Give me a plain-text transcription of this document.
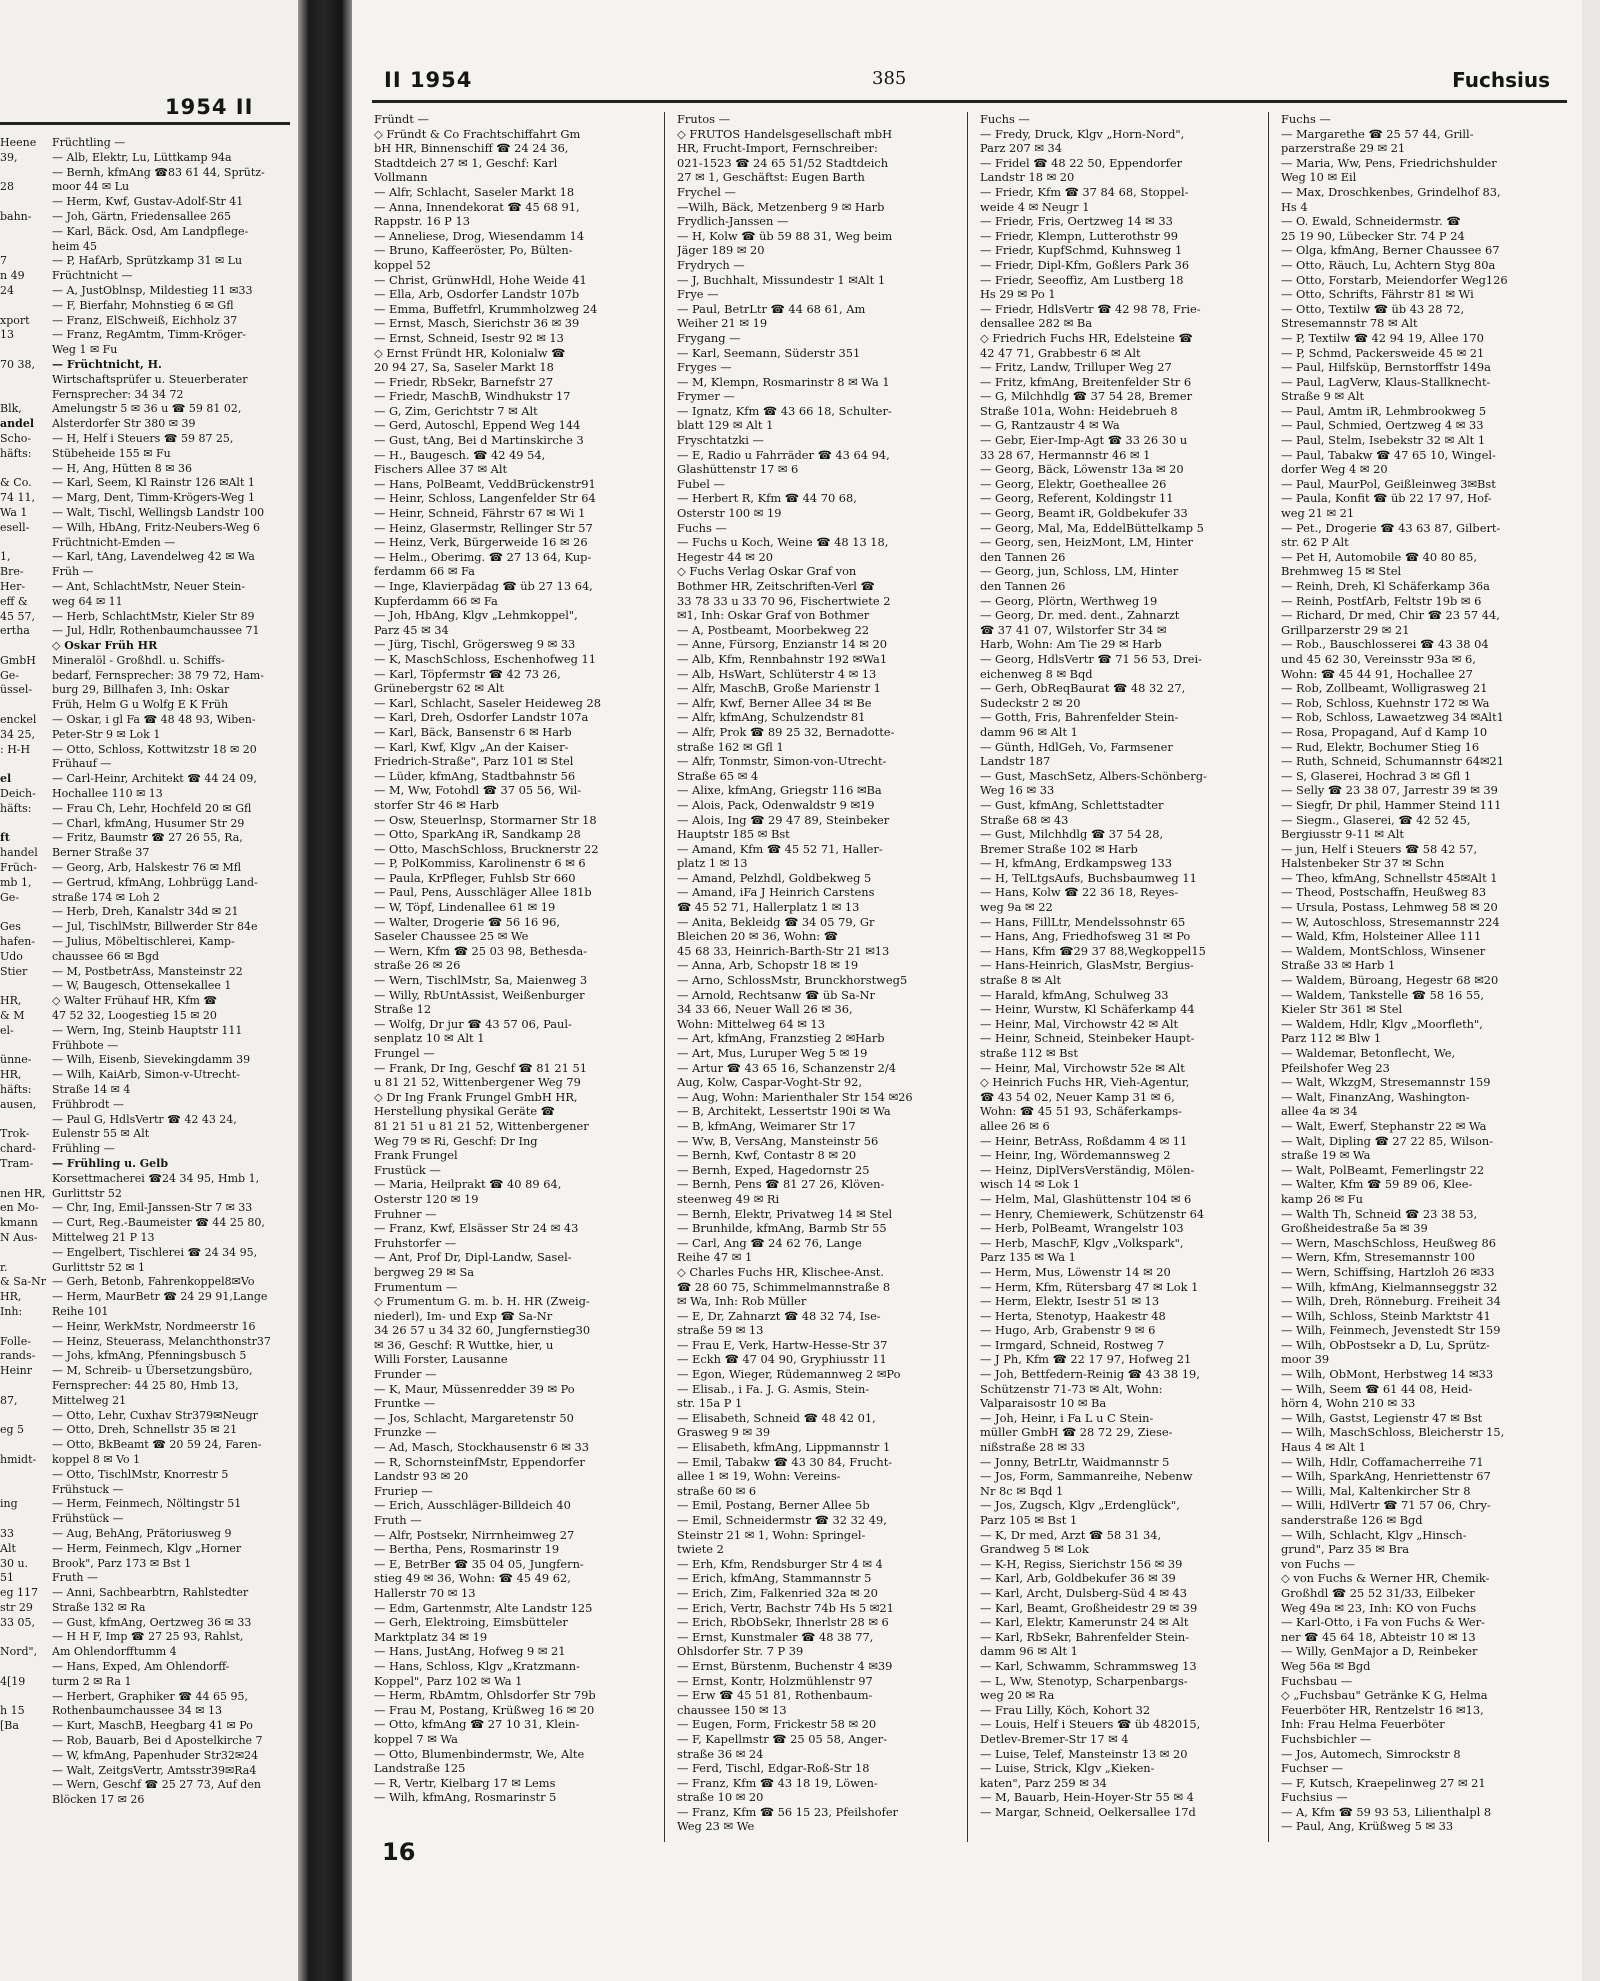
1954 II
Heene
39,
28
bahn-
7
n 49
24
xport
13
70 38,
Blk,
andel
Scho-
häfts:
& Co.
74 11,
Wa 1
esell-
1,
Bre-
Her-
eff &
45 57,
ertha
GmbH
Ge-
üssel-
enckel
34 25,
: H-H
el
Deich-
häfts:
ft
handel
Früch-
mb 1,
Ge-
Ges
hafen-
Udo
Stier
HR,
& M
el-
ünne-
HR,
häfts:
ausen,
Trok-
chard-
Tram-
nen HR,
en Mo-
kmann
N Aus-
r.
& Sa-Nr
HR,
Inh:
Folle-
rands-
Heinr
87,
eg 5
hmidt-
ing
33
Alt
30 u.
51
eg 117
str 29
33 05,
Nord",
4[19
h 15
[Ba
Früchtling —
— Alb, Elektr, Lu, Lüttkamp 94a
— Bernh, kfmAng ☎83 61 44, Sprütz-
moor 44 ✉ Lu
— Herm, Kwf, Gustav-Adolf-Str 41
— Joh, Gärtn, Friedensallee 265
— Karl, Bäck. Osd, Am Landpflege-
heim 45
— P, HafArb, Sprützkamp 31 ✉ Lu
Früchtnicht —
— A, JustOblnsp, Mildestieg 11 ✉33
— F, Bierfahr, Mohnstieg 6 ✉ Gfl
— Franz, ElSchweiß, Eichholz 37
— Franz, RegAmtm, Timm-Kröger-
Weg 1 ✉ Fu
— Früchtnicht, H.
Wirtschaftsprüfer u. Steuerberater
Fernsprecher: 34 34 72
Amelungstr 5 ✉ 36 u ☎ 59 81 02,
Alsterdorfer Str 380 ✉ 39
— H, Helf i Steuers ☎ 59 87 25,
Stübeheide 155 ✉ Fu
— H, Ang, Hütten 8 ✉ 36
— Karl, Seem, Kl Rainstr 126 ✉Alt 1
— Marg, Dent, Timm-Krögers-Weg 1
— Walt, Tischl, Wellingsb Landstr 100
— Wilh, HbAng, Fritz-Neubers-Weg 6
Früchtnicht-Emden —
— Karl, tAng, Lavendelweg 42 ✉ Wa
Früh —
— Ant, SchlachtMstr, Neuer Stein-
weg 64 ✉ 11
— Herb, SchlachtMstr, Kieler Str 89
— Jul, Hdlr, Rothenbaumchaussee 71
◇ Oskar Früh HR
Mineralöl - Großhdl. u. Schiffs-
bedarf, Fernsprecher: 38 79 72, Ham-
burg 29, Billhafen 3, Inh: Oskar
Früh, Helm G u Wolfg E K Früh
— Oskar, i gl Fa ☎ 48 48 93, Wiben-
Peter-Str 9 ✉ Lok 1
— Otto, Schloss, Kottwitzstr 18 ✉ 20
Frühauf —
— Carl-Heinr, Architekt ☎ 44 24 09,
Hochallee 110 ✉ 13
— Frau Ch, Lehr, Hochfeld 20 ✉ Gfl
— Charl, kfmAng, Husumer Str 29
— Fritz, Baumstr ☎ 27 26 55, Ra,
Berner Straße 37
— Georg, Arb, Halskestr 76 ✉ Mfl
— Gertrud, kfmAng, Lohbrügg Land-
straße 174 ✉ Loh 2
— Herb, Dreh, Kanalstr 34d ✉ 21
— Jul, TischlMstr, Billwerder Str 84e
— Julius, Möbeltischlerei, Kamp-
chaussee 66 ✉ Bgd
— M, PostbetrAss, Mansteinstr 22
— W, Baugesch, Ottensekallee 1
◇ Walter Frühauf HR, Kfm ☎
47 52 32, Loogestieg 15 ✉ 20
— Wern, Ing, Steinb Hauptstr 111
Frühbote —
— Wilh, Eisenb, Sievekingdamm 39
— Wilh, KaiArb, Simon-v-Utrecht-
Straße 14 ✉ 4
Frühbrodt —
— Paul G, HdlsVertr ☎ 42 43 24,
Eulenstr 55 ✉ Alt
Frühling —
— Frühling u. Gelb
Korsettmacherei ☎24 34 95, Hmb 1,
Gurlittstr 52
— Chr, Ing, Emil-Janssen-Str 7 ✉ 33
— Curt, Reg.-Baumeister ☎ 44 25 80,
Mittelweg 21 P 13
— Engelbert, Tischlerei ☎ 24 34 95,
Gurlittstr 52 ✉ 1
— Gerh, Betonb, Fahrenkoppel8✉Vo
— Herm, MaurBetr ☎ 24 29 91,Lange
Reihe 101
— Heinr, WerkMstr, Nordmeerstr 16
— Heinz, Steuerass, Melanchthonstr37
— Johs, kfmAng, Pfenningsbusch 5
— M, Schreib- u Übersetzungsbüro,
Fernsprecher: 44 25 80, Hmb 13,
Mittelweg 21
— Otto, Lehr, Cuxhav Str379✉Neugr
— Otto, Dreh, Schnellstr 35 ✉ 21
— Otto, BkBeamt ☎ 20 59 24, Faren-
koppel 8 ✉ Vo 1
— Otto, TischlMstr, Knorrestr 5
Frühstuck —
— Herm, Feinmech, Nöltingstr 51
Frühstück —
— Aug, BehAng, Prätoriusweg 9
— Herm, Feinmech, Klgv „Horner
Brook", Parz 173 ✉ Bst 1
Fruth —
— Anni, Sachbearbtrn, Rahlstedter
Straße 132 ✉ Ra
— Gust, kfmAng, Oertzweg 36 ✉ 33
— H H F, Imp ☎ 27 25 93, Rahlst,
Am Ohlendorfftumm 4
— Hans, Exped, Am Ohlendorff-
turm 2 ✉ Ra 1
— Herbert, Graphiker ☎ 44 65 95,
Rothenbaumchaussee 34 ✉ 13
— Kurt, MaschB, Heegbarg 41 ✉ Po
— Rob, Bauarb, Bei d Apostelkirche 7
— W, kfmAng, Papenhuder Str32✉24
— Walt, ZeitgsVertr, Amtsstr39✉Ra4
— Wern, Geschf ☎ 25 27 73, Auf den
Blöcken 17 ✉ 26
II 1954	385	Fuchsius
Fründt —
◇ Fründt & Co Frachtschiffahrt Gm
bH HR, Binnenschiff ☎ 24 24 36,
Stadtdeich 27 ✉ 1, Geschf: Karl
Vollmann
— Alfr, Schlacht, Saseler Markt 18
— Anna, Innendekorat ☎ 45 68 91,
Rappstr. 16 P 13
— Anneliese, Drog, Wiesendamm 14
— Bruno, Kaffeeröster, Po, Bülten-
koppel 52
— Christ, GrünwHdl, Hohe Weide 41
— Ella, Arb, Osdorfer Landstr 107b
— Emma, Buffetfrl, Krummholzweg 24
— Ernst, Masch, Sierichstr 36 ✉ 39
— Ernst, Schneid, Isestr 92 ✉ 13
◇ Ernst Fründt HR, Kolonialw ☎
20 94 27, Sa, Saseler Markt 18
— Friedr, RbSekr, Barnefstr 27
— Friedr, MaschB, Windhukstr 17
— G, Zim, Gerichtstr 7 ✉ Alt
— Gerd, Autoschl, Eppend Weg 144
— Gust, tAng, Bei d Martinskirche 3
— H., Baugesch. ☎ 42 49 54,
Fischers Allee 37 ✉ Alt
— Hans, PolBeamt, VeddBrückenstr91
— Heinr, Schloss, Langenfelder Str 64
— Heinr, Schneid, Fährstr 67 ✉ Wi 1
— Heinz, Glasermstr, Rellinger Str 57
— Heinz, Verk, Bürgerweide 16 ✉ 26
— Helm., Oberimg. ☎ 27 13 64, Kup-
ferdamm 66 ✉ Fa
— Inge, Klavierpädag ☎ üb 27 13 64,
Kupferdamm 66 ✉ Fa
— Joh, HbAng, Klgv „Lehmkoppel",
Parz 45 ✉ 34
— Jürg, Tischl, Grögersweg 9 ✉ 33
— K, MaschSchloss, Eschenhofweg 11
— Karl, Töpfermstr ☎ 42 73 26,
Grünebergstr 62 ✉ Alt
— Karl, Schlacht, Saseler Heideweg 28
— Karl, Dreh, Osdorfer Landstr 107a
— Karl, Bäck, Bansenstr 6 ✉ Harb
— Karl, Kwf, Klgv „An der Kaiser-
Friedrich-Straße", Parz 101 ✉ Stel
— Lüder, kfmAng, Stadtbahnstr 56
— M, Ww, Fotohdl ☎ 37 05 56, Wil-
storfer Str 46 ✉ Harb
— Osw, Steuerlnsp, Stormarner Str 18
— Otto, SparkAng iR, Sandkamp 28
— Otto, MaschSchloss, Brucknerstr 22
— P, PolKommiss, Karolinenstr 6 ✉ 6
— Paula, KrPfleger, Fuhlsb Str 660
— Paul, Pens, Ausschläger Allee 181b
— W, Töpf, Lindenallee 61 ✉ 19
— Walter, Drogerie ☎ 56 16 96,
Saseler Chaussee 25 ✉ We
— Wern, Kfm ☎ 25 03 98, Bethesda-
straße 26 ✉ 26
— Wern, TischlMstr, Sa, Maienweg 3
— Willy, RbUntAssist, Weißenburger
Straße 12
— Wolfg, Dr jur ☎ 43 57 06, Paul-
senplatz 10 ✉ Alt 1
Frungel —
— Frank, Dr Ing, Geschf ☎ 81 21 51
u 81 21 52, Wittenbergener Weg 79
◇ Dr Ing Frank Frungel GmbH HR,
Herstellung physikal Geräte ☎
81 21 51 u 81 21 52, Wittenbergener
Weg 79 ✉ Ri, Geschf: Dr Ing
Frank Frungel
Frustück —
— Maria, Heilprakt ☎ 40 89 64,
Osterstr 120 ✉ 19
Fruhner —
— Franz, Kwf, Elsässer Str 24 ✉ 43
Fruhstorfer —
— Ant, Prof Dr, Dipl-Landw, Sasel-
bergweg 29 ✉ Sa
Frumentum —
◇ Frumentum G. m. b. H. HR (Zweig-
niederl), Im- und Exp ☎ Sa-Nr
34 26 57 u 34 32 60, Jungfernstieg30
✉ 36, Geschf: R Wuttke, hier, u
Willi Forster, Lausanne
Frunder —
— K, Maur, Müssenredder 39 ✉ Po
Fruntke —
— Jos, Schlacht, Margaretenstr 50
Frunzke —
— Ad, Masch, Stockhausenstr 6 ✉ 33
— R, SchornsteinfMstr, Eppendorfer
Landstr 93 ✉ 20
Fruriep —
— Erich, Ausschläger-Billdeich 40
Fruth —
— Alfr, Postsekr, Nirrnheimweg 27
— Bertha, Pens, Rosmarinstr 19
— E, BetrBer ☎ 35 04 05, Jungfern-
stieg 49 ✉ 36, Wohn: ☎ 45 49 62,
Hallerstr 70 ✉ 13
— Edm, Gartenmstr, Alte Landstr 125
— Gerh, Elektroing, Eimsbütteler
Marktplatz 34 ✉ 19
— Hans, JustAng, Hofweg 9 ✉ 21
— Hans, Schloss, Klgv „Kratzmann-
Koppel", Parz 102 ✉ Wa 1
— Herm, RbAmtm, Ohlsdorfer Str 79b
— Frau M, Postang, Krüßweg 16 ✉ 20
— Otto, kfmAng ☎ 27 10 31, Klein-
koppel 7 ✉ Wa
— Otto, Blumenbindermstr, We, Alte
Landstraße 125
— R, Vertr, Kielbarg 17 ✉ Lems
— Wilh, kfmAng, Rosmarinstr 5
Frutos —
◇ FRUTOS Handelsgesellschaft mbH
HR, Frucht-Import, Fernschreiber:
021-1523 ☎ 24 65 51/52 Stadtdeich
27 ✉ 1, Geschäftst: Eugen Barth
Frychel —
—Wilh, Bäck, Metzenberg 9 ✉ Harb
Frydlich-Janssen —
— H, Kolw ☎ üb 59 88 31, Weg beim
Jäger 189 ✉ 20
Frydrych —
— J, Buchhalt, Missundestr 1 ✉Alt 1
Frye —
— Paul, BetrLtr ☎ 44 68 61, Am
Weiher 21 ✉ 19
Frygang —
— Karl, Seemann, Süderstr 351
Fryges —
— M, Klempn, Rosmarinstr 8 ✉ Wa 1
Frymer —
— Ignatz, Kfm ☎ 43 66 18, Schulter-
blatt 129 ✉ Alt 1
Fryschtatzki —
— E, Radio u Fahrräder ☎ 43 64 94,
Glashüttenstr 17 ✉ 6
Fubel —
— Herbert R, Kfm ☎ 44 70 68,
Osterstr 100 ✉ 19
Fuchs —
— Fuchs u Koch, Weine ☎ 48 13 18,
Hegestr 44 ✉ 20
◇ Fuchs Verlag Oskar Graf von
Bothmer HR, Zeitschriften-Verl ☎
33 78 33 u 33 70 96, Fischertwiete 2
✉1, Inh: Oskar Graf von Bothmer
— A, Postbeamt, Moorbekweg 22
— Anne, Fürsorg, Enzianstr 14 ✉ 20
— Alb, Kfm, Rennbahnstr 192 ✉Wa1
— Alb, HsWart, Schlüterstr 4 ✉ 13
— Alfr, MaschB, Große Marienstr 1
— Alfr, Kwf, Berner Allee 34 ✉ Be
— Alfr, kfmAng, Schulzendstr 81
— Alfr, Prok ☎ 89 25 32, Bernadotte-
straße 162 ✉ Gfl 1
— Alfr, Tonmstr, Simon-von-Utrecht-
Straße 65 ✉ 4
— Alixe, kfmAng, Griegstr 116 ✉Ba
— Alois, Pack, Odenwaldstr 9 ✉19
— Alois, Ing ☎ 29 47 89, Steinbeker
Hauptstr 185 ✉ Bst
— Amand, Kfm ☎ 45 52 71, Haller-
platz 1 ✉ 13
— Amand, Pelzhdl, Goldbekweg 5
— Amand, iFa J Heinrich Carstens
☎ 45 52 71, Hallerplatz 1 ✉ 13
— Anita, Bekleidg ☎ 34 05 79, Gr
Bleichen 20 ✉ 36, Wohn: ☎
45 68 33, Heinrich-Barth-Str 21 ✉13
— Anna, Arb, Schopstr 18 ✉ 19
— Arno, SchlossMstr, Brunckhorstweg5
— Arnold, Rechtsanw ☎ üb Sa-Nr
34 33 66, Neuer Wall 26 ✉ 36,
Wohn: Mittelweg 64 ✉ 13
— Art, kfmAng, Franzstieg 2 ✉Harb
— Art, Mus, Luruper Weg 5 ✉ 19
— Artur ☎ 43 65 16, Schanzenstr 2/4
Aug, Kolw, Caspar-Voght-Str 92,
— Aug, Wohn: Marienthaler Str 154 ✉26
— B, Architekt, Lessertstr 190i ✉ Wa
— B, kfmAng, Weimarer Str 17
— Ww, B, VersAng, Mansteinstr 56
— Bernh, Kwf, Contastr 8 ✉ 20
— Bernh, Exped, Hagedornstr 25
— Bernh, Pens ☎ 81 27 26, Klöven-
steenweg 49 ✉ Ri
— Bernh, Elektr, Privatweg 14 ✉ Stel
— Brunhilde, kfmAng, Barmb Str 55
— Carl, Ang ☎ 24 62 76, Lange
Reihe 47 ✉ 1
◇ Charles Fuchs HR, Klischee-Anst.
☎ 28 60 75, Schimmelmannstraße 8
✉ Wa, Inh: Rob Müller
— E, Dr, Zahnarzt ☎ 48 32 74, Ise-
straße 59 ✉ 13
— Frau E, Verk, Hartw-Hesse-Str 37
— Eckh ☎ 47 04 90, Gryphiusstr 11
— Egon, Wieger, Rüdemannweg 2 ✉Po
— Elisab., i Fa. J. G. Asmis, Stein-
str. 15a P 1
— Elisabeth, Schneid ☎ 48 42 01,
Grasweg 9 ✉ 39
— Elisabeth, kfmAng, Lippmannstr 1
— Emil, Tabakw ☎ 43 30 84, Frucht-
allee 1 ✉ 19, Wohn: Vereins-
straße 60 ✉ 6
— Emil, Postang, Berner Allee 5b
— Emil, Schneidermstr ☎ 32 32 49,
Steinstr 21 ✉ 1, Wohn: Springel-
twiete 2
— Erh, Kfm, Rendsburger Str 4 ✉ 4
— Erich, kfmAng, Stammannstr 5
— Erich, Zim, Falkenried 32a ✉ 20
— Erich, Vertr, Bachstr 74b Hs 5 ✉21
— Erich, RbObSekr, Ihnerlstr 28 ✉ 6
— Ernst, Kunstmaler ☎ 48 38 77,
Ohlsdorfer Str. 7 P 39
— Ernst, Bürstenm, Buchenstr 4 ✉39
— Ernst, Kontr, Holzmühlenstr 97
— Erw ☎ 45 51 81, Rothenbaum-
chaussee 150 ✉ 13
— Eugen, Form, Frickestr 58 ✉ 20
— F, Kapellmstr ☎ 25 05 58, Anger-
straße 36 ✉ 24
— Ferd, Tischl, Edgar-Roß-Str 18
— Franz, Kfm ☎ 43 18 19, Löwen-
straße 10 ✉ 20
— Franz, Kfm ☎ 56 15 23, Pfeilshofer
Weg 23 ✉ We
Fuchs —
— Fredy, Druck, Klgv „Horn-Nord",
Parz 207 ✉ 34
— Fridel ☎ 48 22 50, Eppendorfer
Landstr 18 ✉ 20
— Friedr, Kfm ☎ 37 84 68, Stoppel-
weide 4 ✉ Neugr 1
— Friedr, Fris, Oertzweg 14 ✉ 33
— Friedr, Klempn, Lutterothstr 99
— Friedr, KupfSchmd, Kuhnsweg 1
— Friedr, Dipl-Kfm, Goßlers Park 36
— Friedr, Seeoffiz, Am Lustberg 18
Hs 29 ✉ Po 1
— Friedr, HdlsVertr ☎ 42 98 78, Frie-
densallee 282 ✉ Ba
◇ Friedrich Fuchs HR, Edelsteine ☎
42 47 71, Grabbestr 6 ✉ Alt
— Fritz, Landw, Trilluper Weg 27
— Fritz, kfmAng, Breitenfelder Str 6
— G, Milchhdlg ☎ 37 54 28, Bremer
Straße 101a, Wohn: Heidebrueh 8
— G, Rantzaustr 4 ✉ Wa
— Gebr, Eier-Imp-Agt ☎ 33 26 30 u
33 28 67, Hermannstr 46 ✉ 1
— Georg, Bäck, Löwenstr 13a ✉ 20
— Georg, Elektr, Goetheallee 26
— Georg, Referent, Koldingstr 11
— Georg, Beamt iR, Goldbekufer 33
— Georg, Mal, Ma, EddelBüttelkamp 5
— Georg, sen, HeizMont, LM, Hinter
den Tannen 26
— Georg, jun, Schloss, LM, Hinter
den Tannen 26
— Georg, Plörtn, Werthweg 19
— Georg, Dr. med. dent., Zahnarzt
☎ 37 41 07, Wilstorfer Str 34 ✉
Harb, Wohn: Am Tie 29 ✉ Harb
— Georg, HdlsVertr ☎ 71 56 53, Drei-
eichenweg 8 ✉ Bqd
— Gerh, ObReqBaurat ☎ 48 32 27,
Sudeckstr 2 ✉ 20
— Gotth, Fris, Bahrenfelder Stein-
damm 96 ✉ Alt 1
— Günth, HdlGeh, Vo, Farmsener
Landstr 187
— Gust, MaschSetz, Albers-Schönberg-
Weg 16 ✉ 33
— Gust, kfmAng, Schlettstadter
Straße 68 ✉ 43
— Gust, Milchhdlg ☎ 37 54 28,
Bremer Straße 102 ✉ Harb
— H, kfmAng, Erdkampsweg 133
— H, TelLtgsAufs, Buchsbaumweg 11
— Hans, Kolw ☎ 22 36 18, Reyes-
weg 9a ✉ 22
— Hans, FillLtr, Mendelssohnstr 65
— Hans, Ang, Friedhofsweg 31 ✉ Po
— Hans, Kfm ☎29 37 88,Wegkoppel15
— Hans-Heinrich, GlasMstr, Bergius-
straße 8 ✉ Alt
— Harald, kfmAng, Schulweg 33
— Heinr, Wurstw, Kl Schäferkamp 44
— Heinr, Mal, Virchowstr 42 ✉ Alt
— Heinr, Schneid, Steinbeker Haupt-
straße 112 ✉ Bst
— Heinr, Mal, Virchowstr 52e ✉ Alt
◇ Heinrich Fuchs HR, Vieh-Agentur,
☎ 43 54 02, Neuer Kamp 31 ✉ 6,
Wohn: ☎ 45 51 93, Schäferkamps-
allee 26 ✉ 6
— Heinr, BetrAss, Roßdamm 4 ✉ 11
— Heinr, Ing, Wördemannsweg 2
— Heinz, DiplVersVerständig, Mölen-
wisch 14 ✉ Lok 1
— Helm, Mal, Glashüttenstr 104 ✉ 6
— Henry, Chemiewerk, Schützenstr 64
— Herb, PolBeamt, Wrangelstr 103
— Herb, MaschF, Klgv „Volkspark",
Parz 135 ✉ Wa 1
— Herm, Mus, Löwenstr 14 ✉ 20
— Herm, Kfm, Rütersbarg 47 ✉ Lok 1
— Herm, Elektr, Isestr 51 ✉ 13
— Herta, Stenotyp, Haakestr 48
— Hugo, Arb, Grabenstr 9 ✉ 6
— Irmgard, Schneid, Rostweg 7
— J Ph, Kfm ☎ 22 17 97, Hofweg 21
— Joh, Bettfedern-Reinig ☎ 43 38 19,
Schützenstr 71-73 ✉ Alt, Wohn:
Valparaisostr 10 ✉ Ba
— Joh, Heinr, i Fa L u C Stein-
müller GmbH ☎ 28 72 29, Ziese-
nißstraße 28 ✉ 33
— Jonny, BetrLtr, Waidmannstr 5
— Jos, Form, Sammanreihe, Nebenw
Nr 8c ✉ Bqd 1
— Jos, Zugsch, Klgv „Erdenglück",
Parz 105 ✉ Bst 1
— K, Dr med, Arzt ☎ 58 31 34,
Grandweg 5 ✉ Lok
— K-H, Regiss, Sierichstr 156 ✉ 39
— Karl, Arb, Goldbekufer 36 ✉ 39
— Karl, Archt, Dulsberg-Süd 4 ✉ 43
— Karl, Beamt, Großheidestr 29 ✉ 39
— Karl, Elektr, Kamerunstr 24 ✉ Alt
— Karl, RbSekr, Bahrenfelder Stein-
damm 96 ✉ Alt 1
— Karl, Schwamm, Schrammsweg 13
— L, Ww, Stenotyp, Scharpenbargs-
weg 20 ✉ Ra
— Frau Lilly, Köch, Kohort 32
— Louis, Helf i Steuers ☎ üb 482015,
Detlev-Bremer-Str 17 ✉ 4
— Luise, Telef, Mansteinstr 13 ✉ 20
— Luise, Strick, Klgv „Kieken-
katen", Parz 259 ✉ 34
— M, Bauarb, Hein-Hoyer-Str 55 ✉ 4
— Margar, Schneid, Oelkersallee 17d
Fuchs —
— Margarethe ☎ 25 57 44, Grill-
parzerstraße 29 ✉ 21
— Maria, Ww, Pens, Friedrichshulder
Weg 10 ✉ Eil
— Max, Droschkenbes, Grindelhof 83,
Hs 4
— O. Ewald, Schneidermstr. ☎
25 19 90, Lübecker Str. 74 P 24
— Olga, kfmAng, Berner Chaussee 67
— Otto, Räuch, Lu, Achtern Styg 80a
— Otto, Forstarb, Meiendorfer Weg126
— Otto, Schrifts, Fährstr 81 ✉ Wi
— Otto, Textilw ☎ üb 43 28 72,
Stresemannstr 78 ✉ Alt
— P, Textilw ☎ 42 94 19, Allee 170
— P, Schmd, Packersweide 45 ✉ 21
— Paul, Hilfsküp, Bernstorffstr 149a
— Paul, LagVerw, Klaus-Stallknecht-
Straße 9 ✉ Alt
— Paul, Amtm iR, Lehmbrookweg 5
— Paul, Schmied, Oertzweg 4 ✉ 33
— Paul, Stelm, Isebekstr 32 ✉ Alt 1
— Paul, Tabakw ☎ 47 65 10, Wingel-
dorfer Weg 4 ✉ 20
— Paul, MaurPol, Geißleinweg 3✉Bst
— Paula, Konfit ☎ üb 22 17 97, Hof-
weg 21 ✉ 21
— Pet., Drogerie ☎ 43 63 87, Gilbert-
str. 62 P Alt
— Pet H, Automobile ☎ 40 80 85,
Brehmweg 15 ✉ Stel
— Reinh, Dreh, Kl Schäferkamp 36a
— Reinh, PostfArb, Feltstr 19b ✉ 6
— Richard, Dr med, Chir ☎ 23 57 44,
Grillparzerstr 29 ✉ 21
— Rob., Bauschlosserei ☎ 43 38 04
und 45 62 30, Vereinsstr 93a ✉ 6,
Wohn: ☎ 45 44 91, Hochallee 27
— Rob, Zollbeamt, Wolligrasweg 21
— Rob, Schloss, Kuehnstr 172 ✉ Wa
— Rob, Schloss, Lawaetzweg 34 ✉Alt1
— Rosa, Propagand, Auf d Kamp 10
— Rud, Elektr, Bochumer Stieg 16
— Ruth, Schneid, Schumannstr 64✉21
— S, Glaserei, Hochrad 3 ✉ Gfl 1
— Selly ☎ 23 38 07, Jarrestr 39 ✉ 39
— Siegfr, Dr phil, Hammer Steind 111
— Siegm., Glaserei, ☎ 42 52 45,
Bergiusstr 9-11 ✉ Alt
— jun, Helf i Steuers ☎ 58 42 57,
Halstenbeker Str 37 ✉ Schn
— Theo, kfmAng, Schnellstr 45✉Alt 1
— Theod, Postschaffn, Heußweg 83
— Ursula, Postass, Lehmweg 58 ✉ 20
— W, Autoschloss, Stresemannstr 224
— Wald, Kfm, Holsteiner Allee 111
— Waldem, MontSchloss, Winsener
Straße 33 ✉ Harb 1
— Waldem, Büroang, Hegestr 68 ✉20
— Waldem, Tankstelle ☎ 58 16 55,
Kieler Str 361 ✉ Stel
— Waldem, Hdlr, Klgv „Moorfleth",
Parz 112 ✉ Blw 1
— Waldemar, Betonflecht, We,
Pfeilshofer Weg 23
— Walt, WkzgM, Stresemannstr 159
— Walt, FinanzAng, Washington-
allee 4a ✉ 34
— Walt, Ewerf, Stephanstr 22 ✉ Wa
— Walt, Dipling ☎ 27 22 85, Wilson-
straße 19 ✉ Wa
— Walt, PolBeamt, Femerlingstr 22
— Walter, Kfm ☎ 59 89 06, Klee-
kamp 26 ✉ Fu
— Walth Th, Schneid ☎ 23 38 53,
Großheidestraße 5a ✉ 39
— Wern, MaschSchloss, Heußweg 86
— Wern, Kfm, Stresemannstr 100
— Wern, Schiffsing, Hartzloh 26 ✉33
— Wilh, kfmAng, Kielmannseggstr 32
— Wilh, Dreh, Rönneburg. Freiheit 34
— Wilh, Schloss, Steinb Marktstr 41
— Wilh, Feinmech, Jevenstedt Str 159
— Wilh, ObPostsekr a D, Lu, Sprütz-
moor 39
— Wilh, ObMont, Herbstweg 14 ✉33
— Wilh, Seem ☎ 61 44 08, Heid-
hörn 4, Wohn 210 ✉ 33
— Wilh, Gastst, Legienstr 47 ✉ Bst
— Wilh, MaschSchloss, Bleicherstr 15,
Haus 4 ✉ Alt 1
— Wilh, Hdlr, Coffamacherreihe 71
— Wilh, SparkAng, Henriettenstr 67
— Willi, Mal, Kaltenkircher Str 8
— Willi, HdlVertr ☎ 71 57 06, Chry-
sanderstraße 126 ✉ Bgd
— Wilh, Schlacht, Klgv „Hinsch-
grund", Parz 35 ✉ Bra
von Fuchs —
◇ von Fuchs & Werner HR, Chemik-
Großhdl ☎ 25 52 31/33, Eilbeker
Weg 49a ✉ 23, Inh: KO von Fuchs
— Karl-Otto, i Fa von Fuchs & Wer-
ner ☎ 45 64 18, Abteistr 10 ✉ 13
— Willy, GenMajor a D, Reinbeker
Weg 56a ✉ Bgd
Fuchsbau —
◇ „Fuchsbau" Getränke K G, Helma
Feuerböter HR, Rentzelstr 16 ✉13,
Inh: Frau Helma Feuerböter
Fuchsbichler —
— Jos, Automech, Simrockstr 8
Fuchser —
— F, Kutsch, Kraepelinweg 27 ✉ 21
Fuchsius —
— A, Kfm ☎ 59 93 53, Lilienthalpl 8
— Paul, Ang, Krüßweg 5 ✉ 33
16
